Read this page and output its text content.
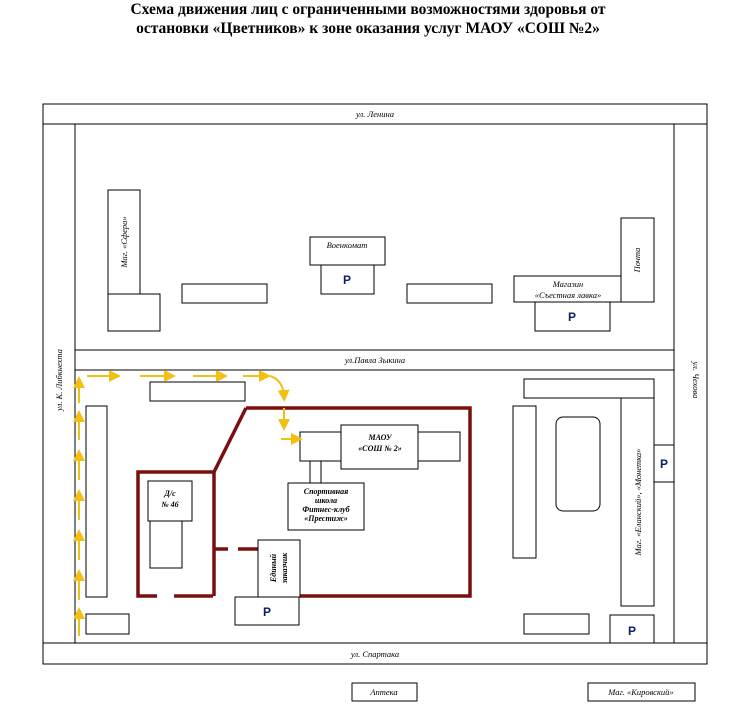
Схема движения лиц с ограниченными возможностями здоровья от
остановки «Цветников» к зоне оказания услуг МАОУ «СОШ №2»
ул. Ленина
ул.Павла Зыкина
ул. Спартака
ул. К. Либкнехта	ул. Чехова
Маг. «Сфера»	Военкомат
P	Магазин
«Съестная лавка»
P
Почта
Д/с
№ 46
МАОУ
«СОШ № 2»
Спортивная
школа
Фитнес-клуб
«Престиж»
Единый заказчик
P
Маг. «Еланский», «Монетка» P
P
Аптека	Маг. «Кировский»
